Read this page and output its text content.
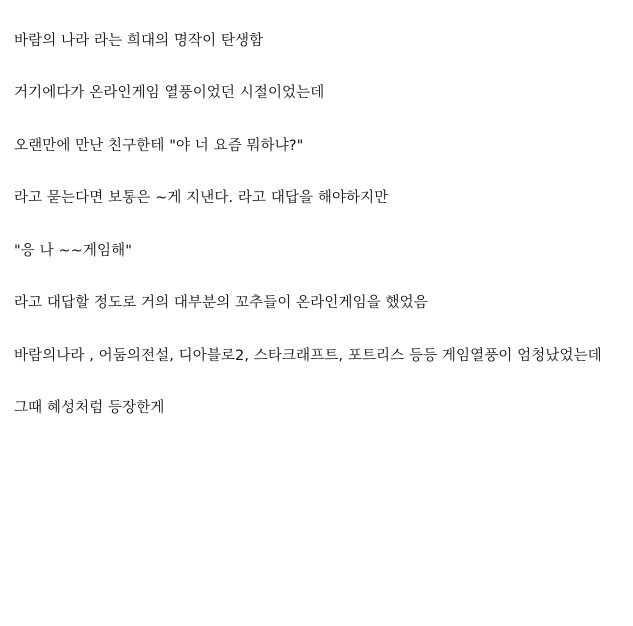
바람의 나라 라는 희대의 명작이 탄생함

거기에다가 온라인게임 열풍이었던 시절이었는데

오랜만에 만난 친구한테 "야 너 요즘 뭐하냐?"

라고 묻는다면 보통은 ~게 지낸다. 라고 대답을 해야하지만

"응 나 ~~게임해"

라고 대답할 정도로 거의 대부분의 꼬추들이 온라인게임을 했었음

바람의나라 , 어둠의전설, 디아블로2, 스타크래프트, 포트리스 등등 게임열풍이 엄청났었는데

그때 혜성처럼 등장한게
